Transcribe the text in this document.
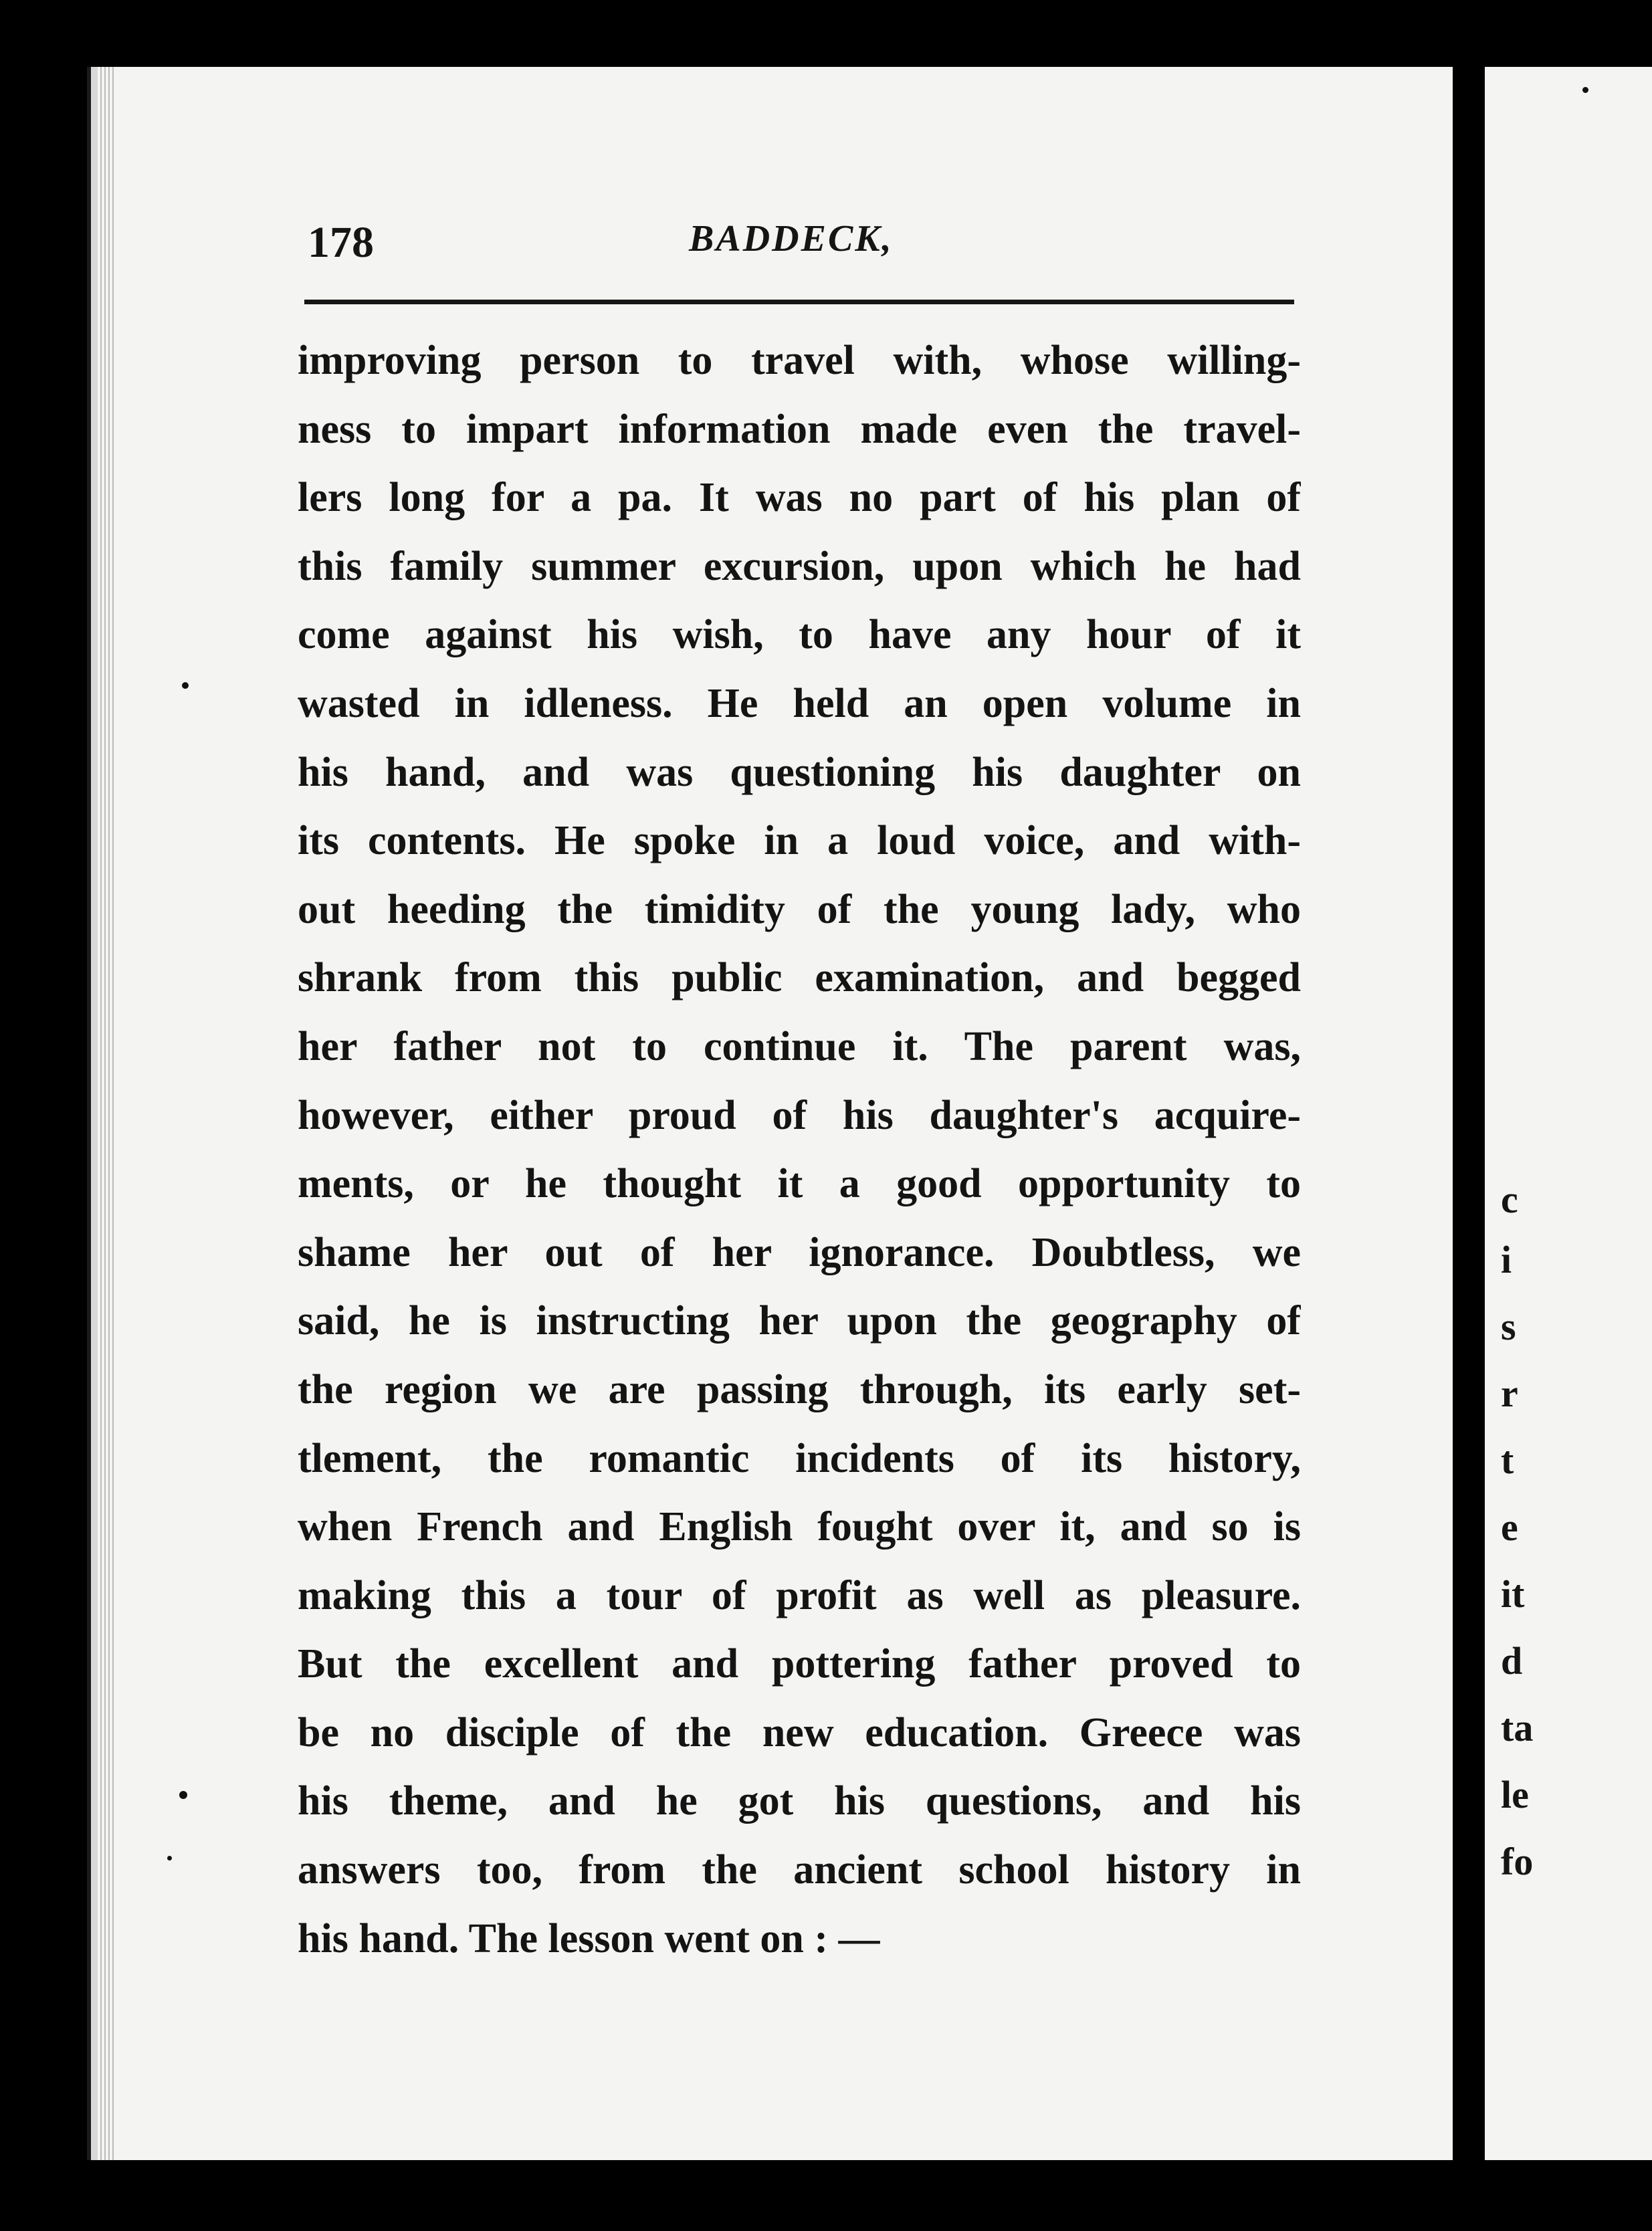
c
i
s
r
t
e
it
d
ta
le
fo
178	BADDECK,
improving person to travel with, whose willing-
ness to impart information made even the travel-
lers long for a pa. It was no part of his plan of
this family summer excursion, upon which he had
come against his wish, to have any hour of it
wasted in idleness. He held an open volume in
his hand, and was questioning his daughter on
its contents. He spoke in a loud voice, and with-
out heeding the timidity of the young lady, who
shrank from this public examination, and begged
her father not to continue it. The parent was,
however, either proud of his daughter's acquire-
ments, or he thought it a good opportunity to
shame her out of her ignorance. Doubtless, we
said, he is instructing her upon the geography of
the region we are passing through, its early set-
tlement, the romantic incidents of its history,
when French and English fought over it, and so is
making this a tour of profit as well as pleasure.
But the excellent and pottering father proved to
be no disciple of the new education. Greece was
his theme, and he got his questions, and his
answers too, from the ancient school history in
his hand. The lesson went on : —
